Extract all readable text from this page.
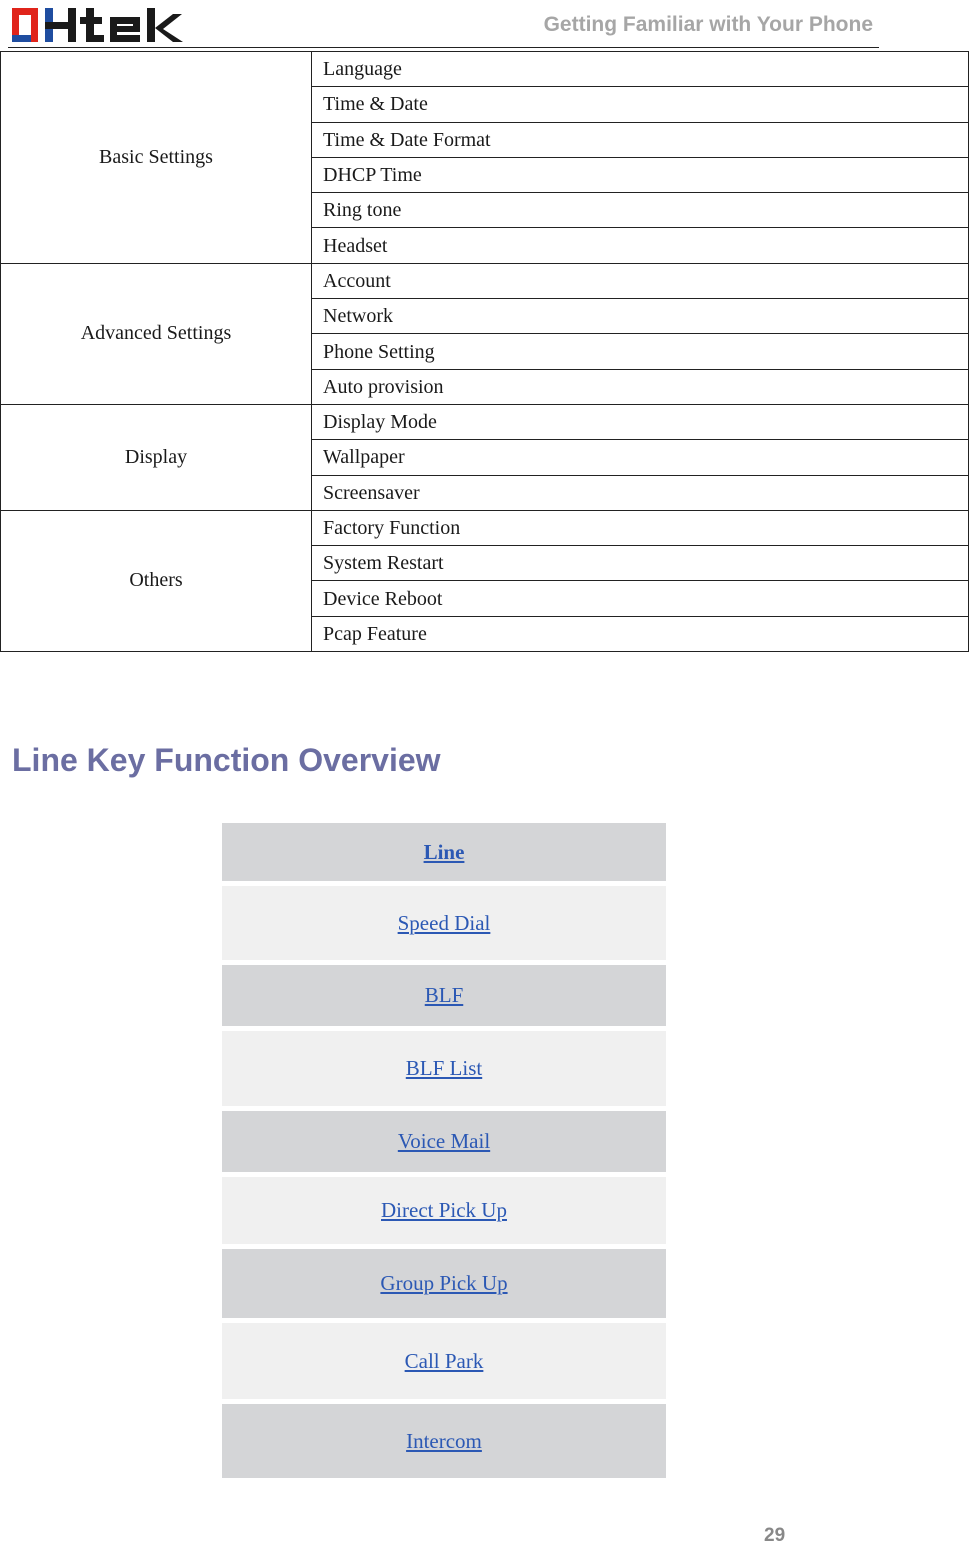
Getting Familiar with Your Phone
Basic Settings	Language
	Time & Date
	Time & Date Format
	DHCP Time
	Ring tone
	Headset
Advanced Settings	Account
	Network
	Phone Setting
	Auto provision
Display	Display Mode
	Wallpaper
	Screensaver
Others	Factory Function
	System Restart
	Device Reboot
	Pcap Feature
Line Key Function Overview
Line
Speed Dial
BLF
BLF List
Voice Mail
Direct Pick Up
Group Pick Up
Call Park
Intercom
29
